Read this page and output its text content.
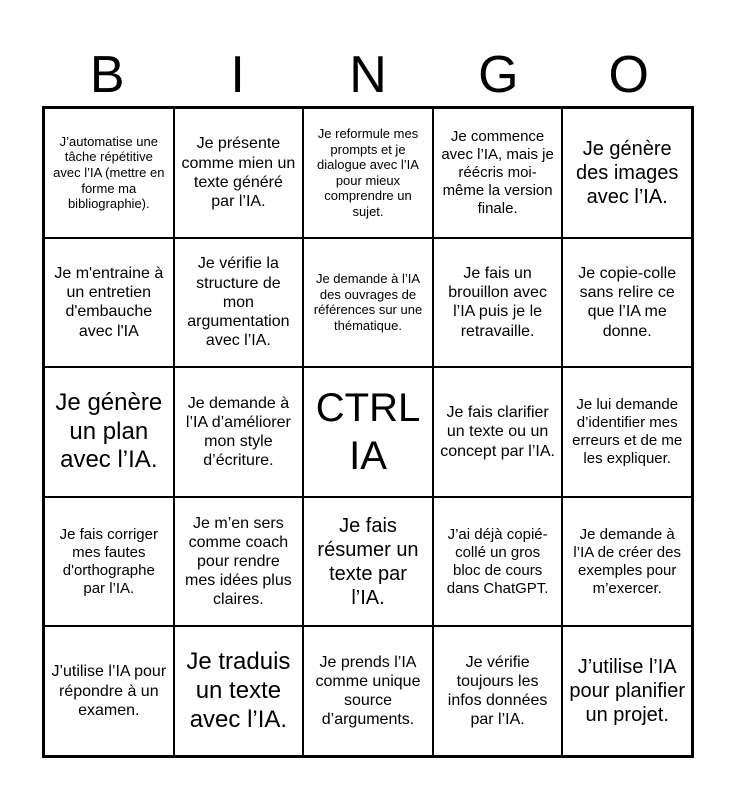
B	I	N	G	O
J’automatise une tâche répétitive avec l’IA (mettre en forme ma bibliographie).
Je présente comme mien un texte généré par l’IA.
Je reformule mes prompts et je dialogue avec l’IA pour mieux comprendre un sujet.
Je commence avec l’IA, mais je réécris moi-même la version finale.
Je génère des images avec l’IA.
Je m'entraine à un entretien d'embauche avec l'IA
Je vérifie la structure de mon argumentation avec l’IA.
Je demande à l’IA des ouvrages de références sur une thématique.
Je fais un brouillon avec l’IA puis je le retravaille.
Je copie-colle sans relire ce que l’IA me donne.
Je génère un plan avec l’IA.
Je demande à l’IA d’améliorer mon style d’écriture.
CTRL IA
Je fais clarifier un texte ou un concept par l’IA.
Je lui demande d’identifier mes erreurs et de me les expliquer.
Je fais corriger mes fautes d'orthographe par l’IA.
Je m’en sers comme coach pour rendre mes idées plus claires.
Je fais résumer un texte par l’IA.
J’ai déjà copié-collé un gros bloc de cours dans ChatGPT.
Je demande à l’IA de créer des exemples pour m’exercer.
J’utilise l’IA pour répondre à un examen.
Je traduis un texte avec l’IA.
Je prends l’IA comme unique source d’arguments.
Je vérifie toujours les infos données par l’IA.
J’utilise l’IA pour planifier un projet.
